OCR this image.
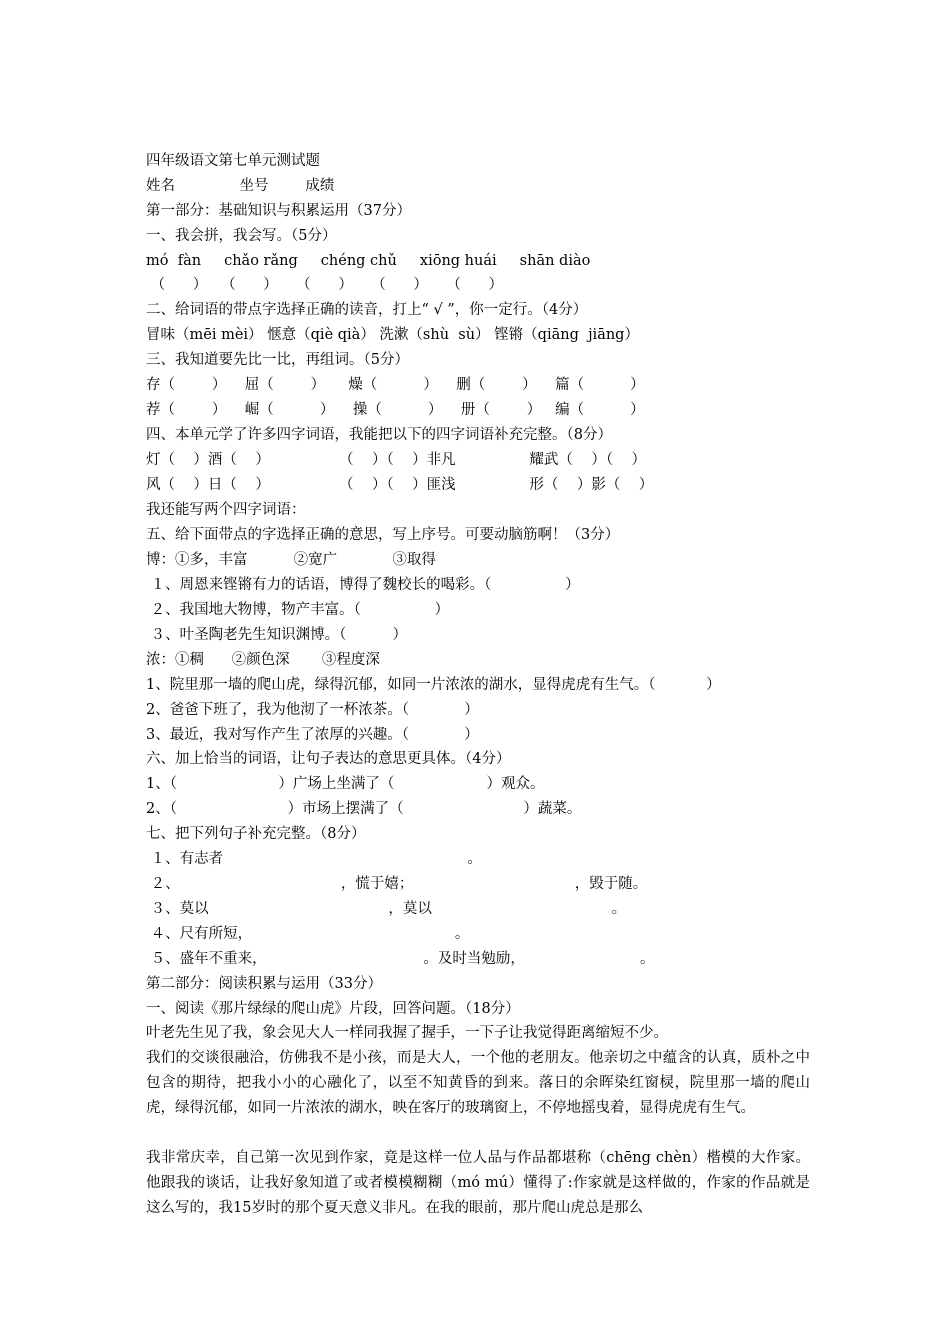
四年级语文第七单元测试题
姓名              坐号        成绩
第一部分：基础知识与积累运用（37分）
一、我会拼，我会写。（5分）
mó  fàn     chǎo rǎng     chéng chǔ     xiōng huái     shān diào
（      ）   （      ）    （      ）    （      ）    （      ）
二、给词语的带点字选择正确的读音，打上“ √ ”，你一定行。（4分）
冒味（mēi mèi） 惬意（qiè qià） 洗漱（shù  sù） 铿锵（qiāng  jiāng）
三、我知道要先比一比，再组词。（5分）
存（        ）    屈（        ）     燥（          ）    删（        ）    篇（          ）
荐（        ）    崛（          ）    操（          ）    册（        ）   编（          ）
四、本单元学了许多四字词语，我能把以下的四字词语补充完整。（8分）
灯（    ）酒（    ）               （    ）（    ）非凡                耀武（    ）（    ）
风（    ）日（    ）               （    ）（    ）匪浅                形（    ）影（    ）
我还能写两个四字词语：
五、给下面带点的字选择正确的意思，写上序号。可要动脑筋啊！（3分）
博：①多，丰富          ②宽广            ③取得
１、周恩来铿锵有力的话语，博得了魏校长的喝彩。（                ）
２、我国地大物博，物产丰富。（                ）
３、叶圣陶老先生知识渊博。（          ）
浓：①稠      ②颜色深       ③程度深
1、院里那一墙的爬山虎，绿得沉郁，如同一片浓浓的湖水，显得虎虎有生气。（           ）
2、爸爸下班了，我为他沏了一杯浓茶。（            ）
3、最近，我对写作产生了浓厚的兴趣。（            ）
六、加上恰当的词语，让句子表达的意思更具体。（4分）
1、（                      ）广场上坐满了（                    ）观众。
2、（                        ）市场上摆满了（                          ）蔬菜。
七、把下列句子补充完整。（8分）
１、有志者                                                     。
２、                                   ，慌于嬉；                                   ，毁于随。
３、莫以                                       ，莫以                                       。
４、尺有所短，                                            。
５、盛年不重来，                                  。及时当勉励，                         。
第二部分：阅读积累与运用（33分）
一、阅读《那片绿绿的爬山虎》片段，回答问题。（18分）
叶老先生见了我，象会见大人一样同我握了握手，一下子让我觉得距离缩短不少。
我们的交谈很融洽，仿佛我不是小孩，而是大人，一个他的老朋友。他亲切之中蕴含的认真，质朴之中包含的期待，把我小小的心融化了，以至不知黄昏的到来。落日的余晖染红窗棂，院里那一墙的爬山虎，绿得沉郁，如同一片浓浓的湖水，映在客厅的玻璃窗上，不停地摇曳着，显得虎虎有生气。
我非常庆幸，自己第一次见到作家，竟是这样一位人品与作品都堪称（chēng chèn）楷模的大作家。他跟我的谈话，让我好象知道了或者模模糊糊（mó mú）懂得了:作家就是这样做的，作家的作品就是这么写的，我15岁时的那个夏天意义非凡。在我的眼前，那片爬山虎总是那么
